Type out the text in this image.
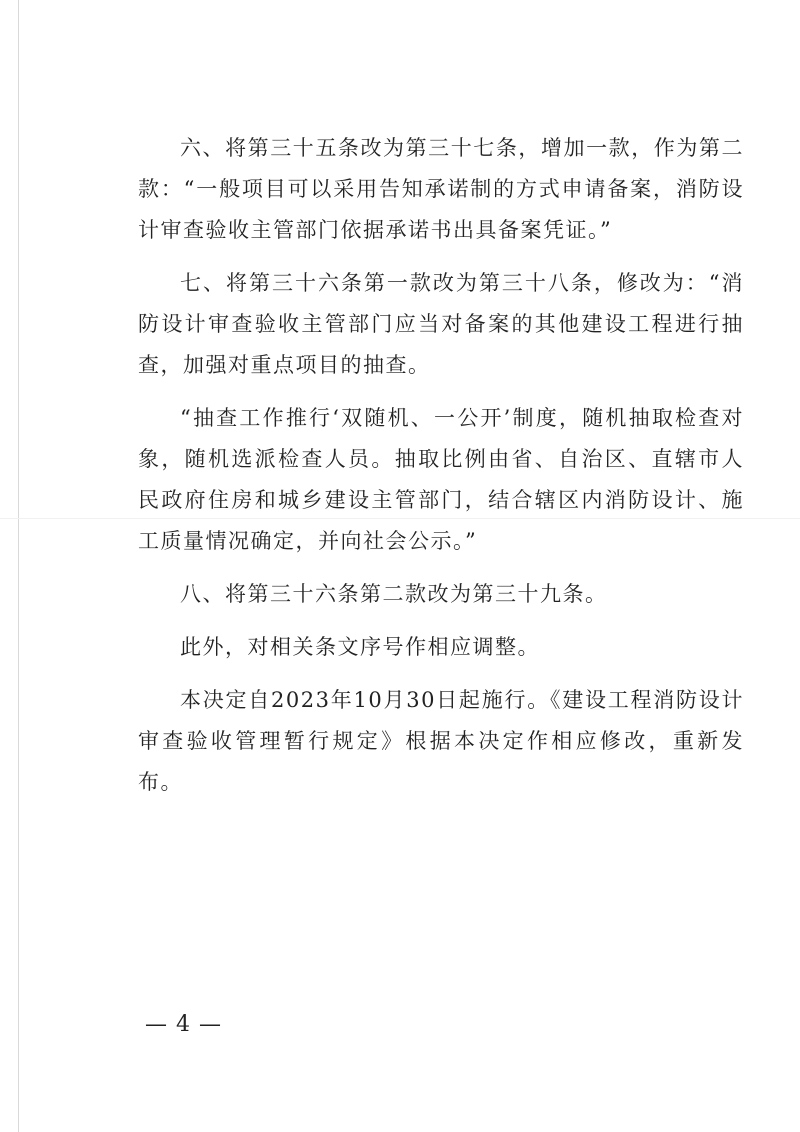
六、将第三十五条改为第三十七条，增加一款，作为第二款：“一般项目可以采用告知承诺制的方式申请备案，消防设计审查验收主管部门依据承诺书出具备案凭证。”

七、将第三十六条第一款改为第三十八条，修改为：“消防设计审查验收主管部门应当对备案的其他建设工程进行抽查，加强对重点项目的抽查。

“抽查工作推行‘双随机、一公开’制度，随机抽取检查对象，随机选派检查人员。抽取比例由省、自治区、直辖市人民政府住房和城乡建设主管部门，结合辖区内消防设计、施工质量情况确定，并向社会公示。”

八、将第三十六条第二款改为第三十九条。

此外，对相关条文序号作相应调整。

本决定自2023年10月30日起施行。《建设工程消防设计审查验收管理暂行规定》根据本决定作相应修改，重新发布。

— 4 —
